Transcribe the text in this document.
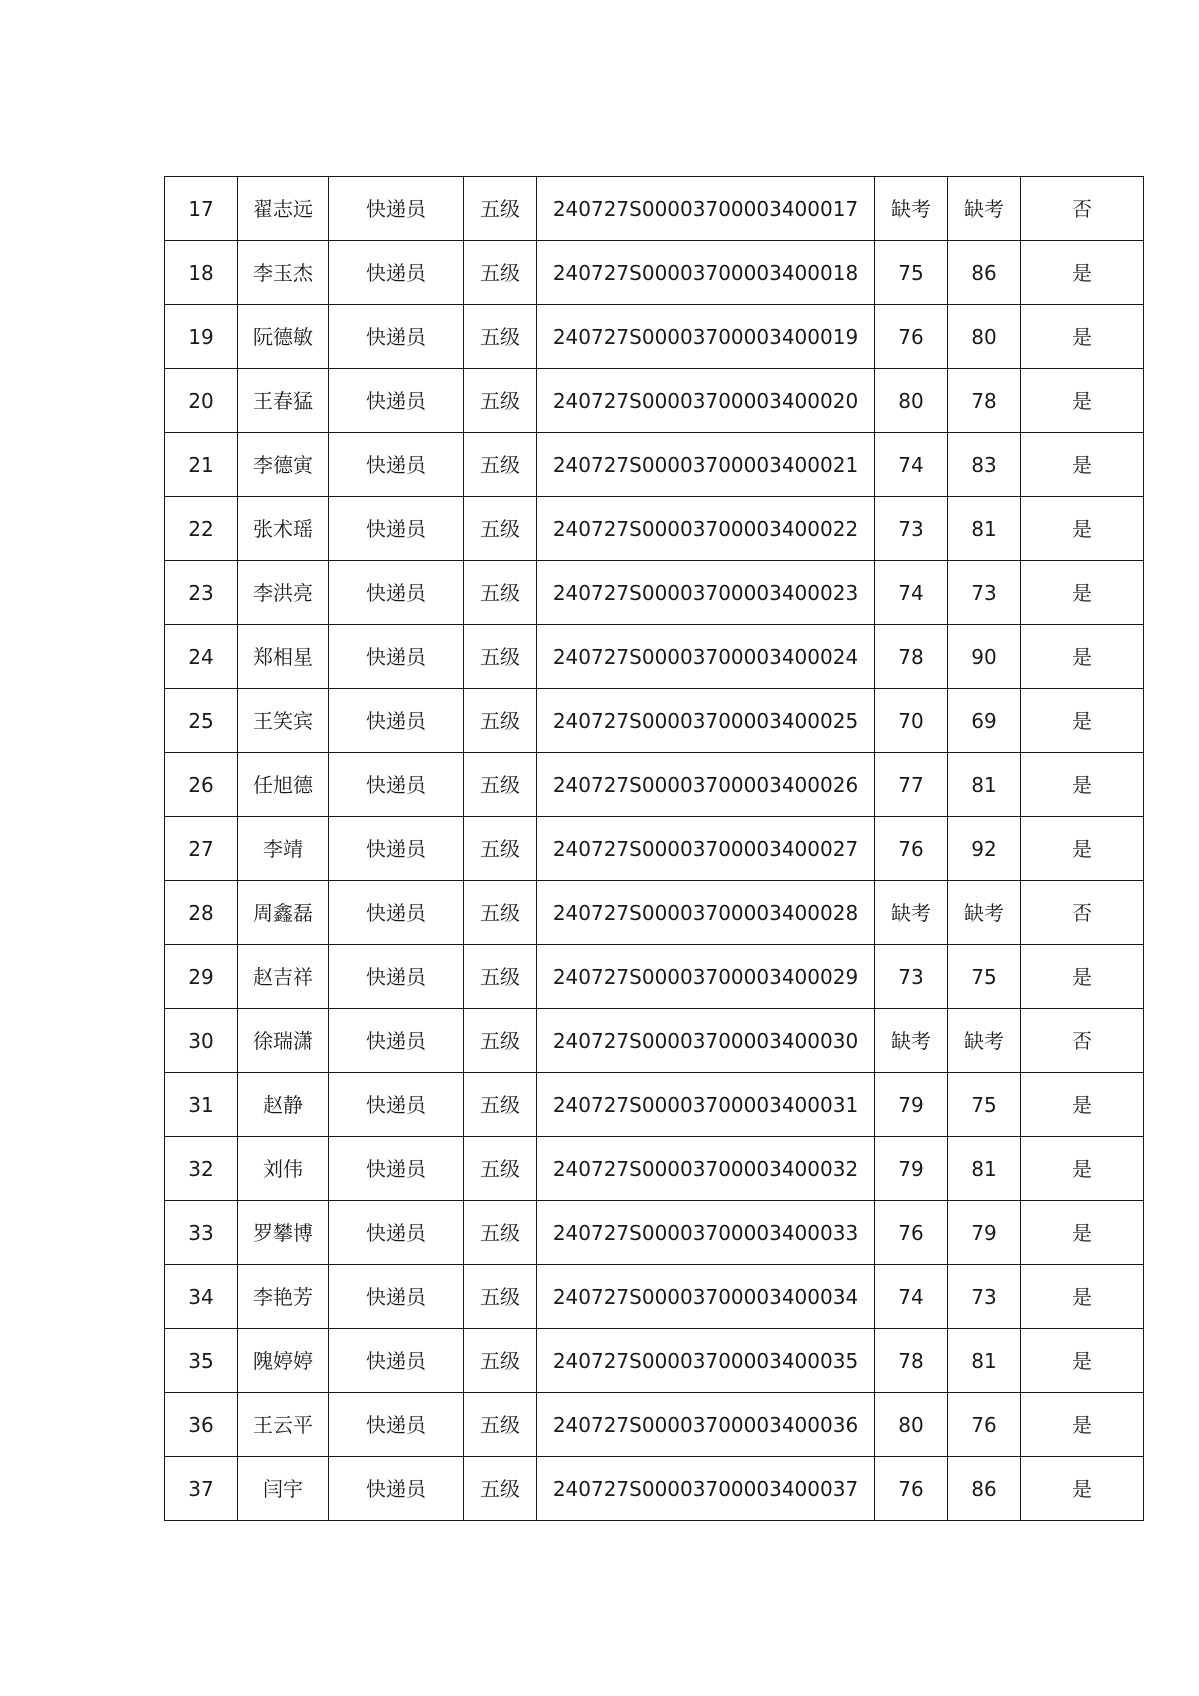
17	翟志远	快递员	五级	240727S00003700003400017	缺考	缺考	否
18	李玉杰	快递员	五级	240727S00003700003400018	75	86	是
19	阮德敏	快递员	五级	240727S00003700003400019	76	80	是
20	王春猛	快递员	五级	240727S00003700003400020	80	78	是
21	李德寅	快递员	五级	240727S00003700003400021	74	83	是
22	张术瑶	快递员	五级	240727S00003700003400022	73	81	是
23	李洪亮	快递员	五级	240727S00003700003400023	74	73	是
24	郑相星	快递员	五级	240727S00003700003400024	78	90	是
25	王笑宾	快递员	五级	240727S00003700003400025	70	69	是
26	任旭德	快递员	五级	240727S00003700003400026	77	81	是
27	李靖	快递员	五级	240727S00003700003400027	76	92	是
28	周鑫磊	快递员	五级	240727S00003700003400028	缺考	缺考	否
29	赵吉祥	快递员	五级	240727S00003700003400029	73	75	是
30	徐瑞潇	快递员	五级	240727S00003700003400030	缺考	缺考	否
31	赵静	快递员	五级	240727S00003700003400031	79	75	是
32	刘伟	快递员	五级	240727S00003700003400032	79	81	是
33	罗攀博	快递员	五级	240727S00003700003400033	76	79	是
34	李艳芳	快递员	五级	240727S00003700003400034	74	73	是
35	隗婷婷	快递员	五级	240727S00003700003400035	78	81	是
36	王云平	快递员	五级	240727S00003700003400036	80	76	是
37	闫宇	快递员	五级	240727S00003700003400037	76	86	是
